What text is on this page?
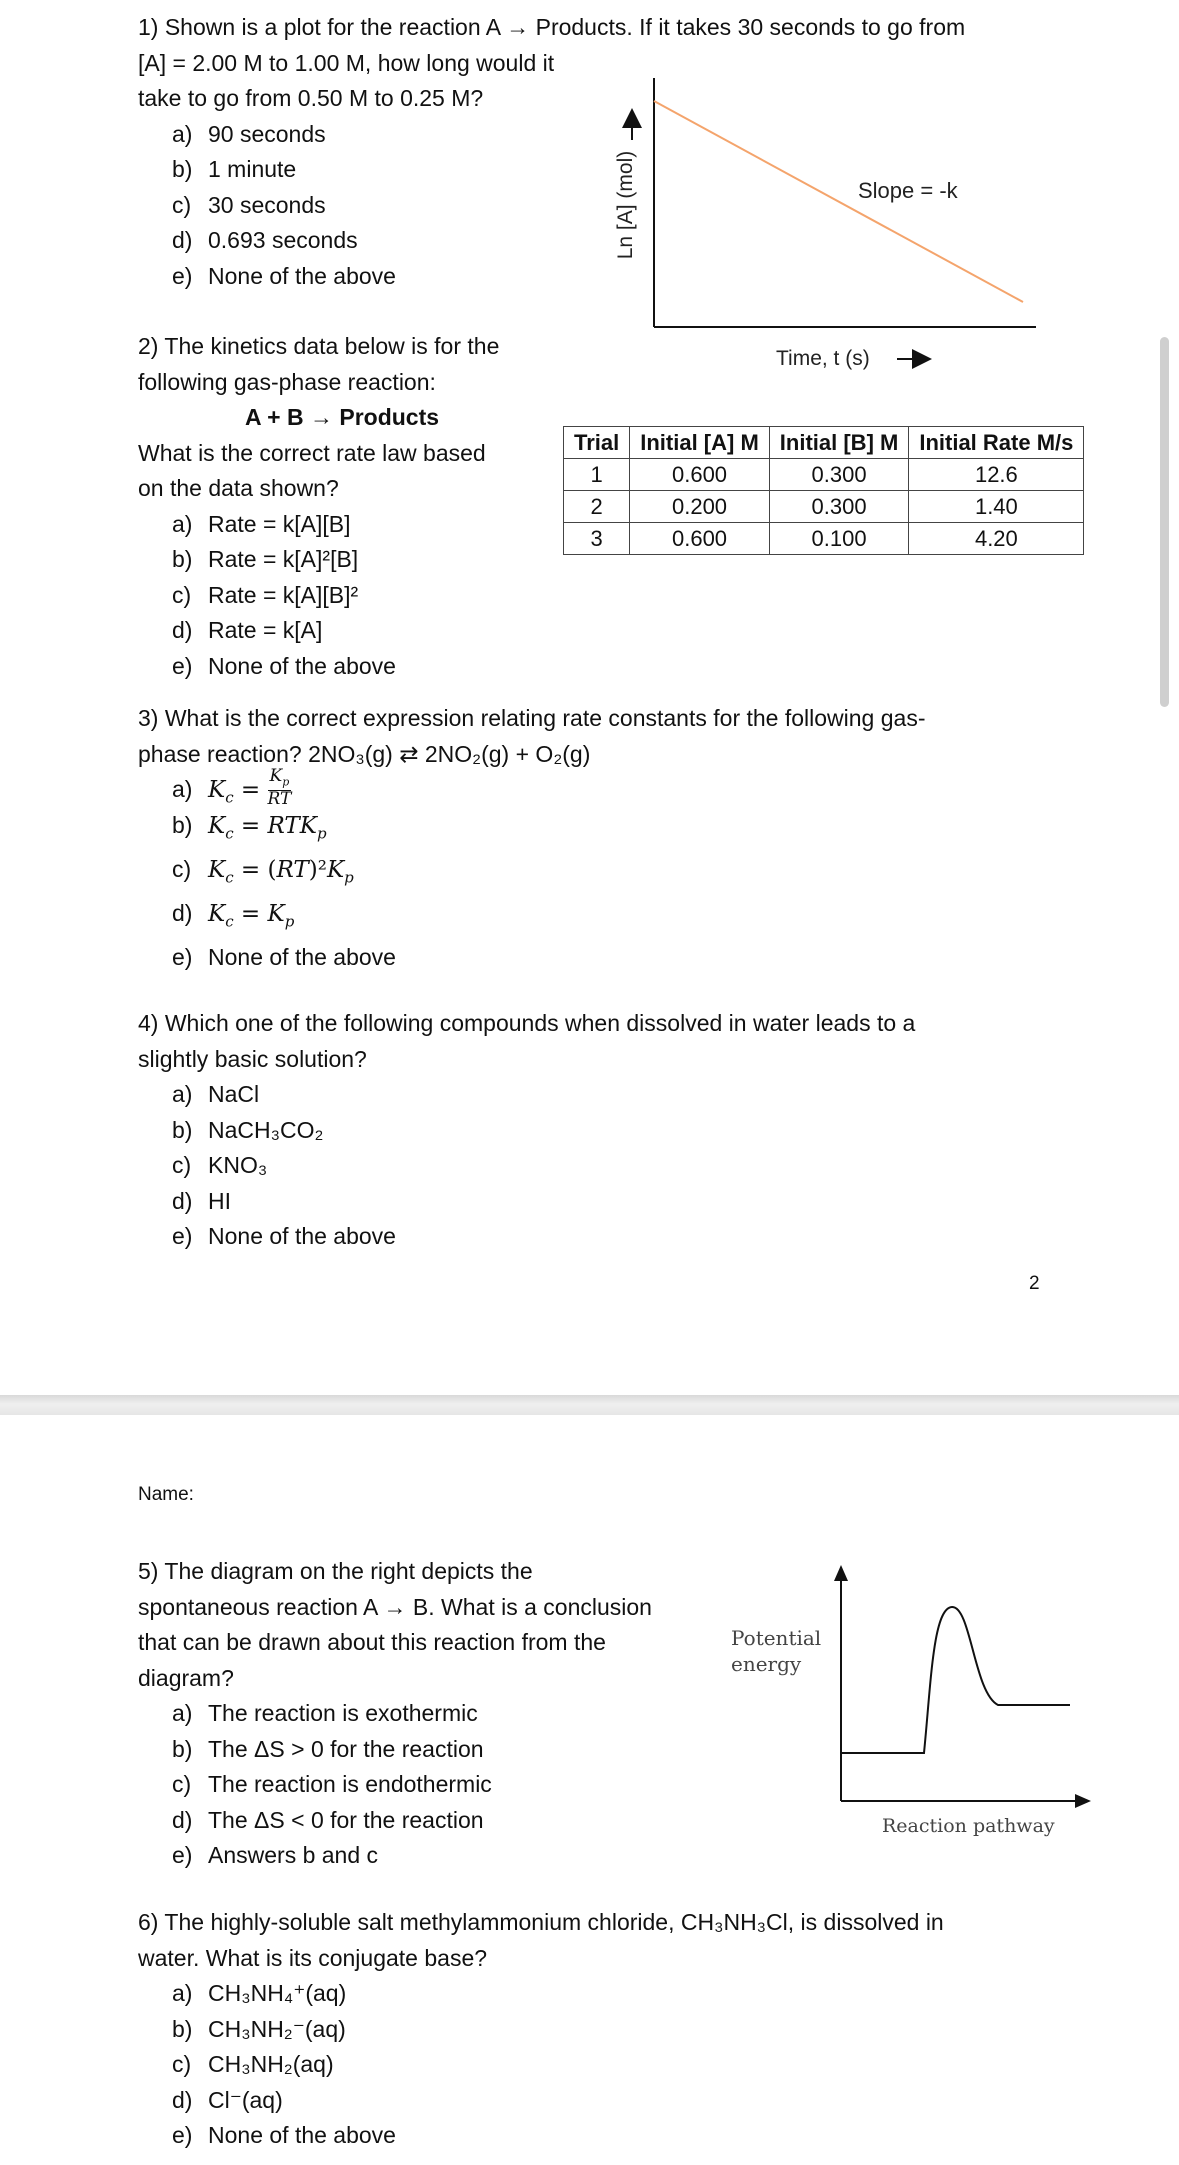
1) Shown is a plot for the reaction A → Products. If it takes 30 seconds to go from

[A] = 2.00 M to 1.00 M, how long would it

take to go from 0.50 M to 0.25 M?

a) 90 seconds
b) 1 minute
c) 30 seconds
d) 0.693 seconds
e) None of the above
Slope = -k
Ln [A] (mol)
Time, t (s)

2) The kinetics data below is for the

following gas-phase reaction:

A + B → Products

What is the correct rate law based

on the data shown?

a) Rate = k[A][B]
b) Rate = k[A]²[B]
c) Rate = k[A][B]²
d) Rate = k[A]
e) None of the above
Trial	Initial [A] M	Initial [B] M	Initial Rate M/s
1	0.600	0.300	12.6
2	0.200	0.300	1.40
3	0.600	0.100	4.20

3) What is the correct expression relating rate constants for the following gas-

phase reaction? 2NO₃(g) ⇄ 2NO₂(g) + O₂(g)

a) $K_c = \frac{K_p}{RT}$
b) $K_c = RTK_p$
c) $K_c = (RT)^2K_p$
d) $K_c = K_p$
e) None of the above

4) Which one of the following compounds when dissolved in water leads to a

slightly basic solution?

a) NaCl
b) NaCH₃CO₂
c) KNO₃
d) HI
e) None of the above
2
Name:

5) The diagram on the right depicts the

spontaneous reaction A → B. What is a conclusion

that can be drawn about this reaction from the

diagram?

a) The reaction is exothermic
b) The ΔS > 0 for the reaction
c) The reaction is endothermic
d) The ΔS < 0 for the reaction
e) Answers b and c
Potential
energy
Reaction pathway

6) The highly-soluble salt methylammonium chloride, CH₃NH₃Cl, is dissolved in

water. What is its conjugate base?

a) CH₃NH₄⁺(aq)
b) CH₃NH₂⁻(aq)
c) CH₃NH₂(aq)
d) Cl⁻(aq)
e) None of the above
